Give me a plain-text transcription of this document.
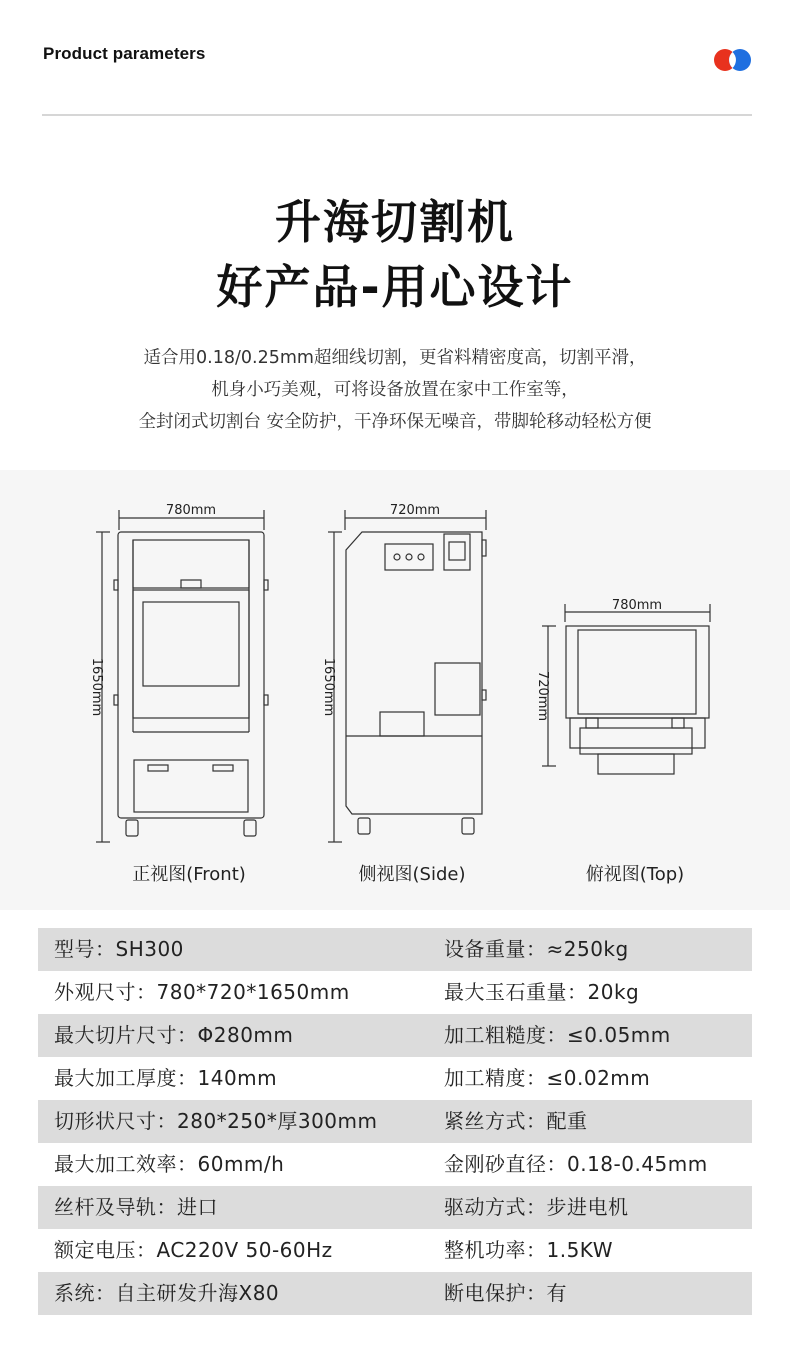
Product parameters
升海切割机
好产品-用心设计
适合用0.18/0.25mm超细线切割，更省料精密度高，切割平滑，
机身小巧美观，可将设备放置在家中工作室等，
全封闭式切割台 安全防护，干净环保无噪音，带脚轮移动轻松方便
780mm
1650mm
720mm
1650mm
780mm
720mm
正视图(Front)	侧视图(Side)	俯视图(Top)
型号：SH300	设备重量：≈250kg
外观尺寸：780*720*1650mm	最大玉石重量：20kg
最大切片尺寸：Φ280mm	加工粗糙度：≤0.05mm
最大加工厚度：140mm	加工精度：≤0.02mm
切形状尺寸：280*250*厚300mm	紧丝方式：配重
最大加工效率：60mm/h	金刚砂直径：0.18-0.45mm
丝杆及导轨：进口	驱动方式：步进电机
额定电压：AC220V 50-60Hz	整机功率：1.5KW
系统：自主研发升海X80	断电保护：有
